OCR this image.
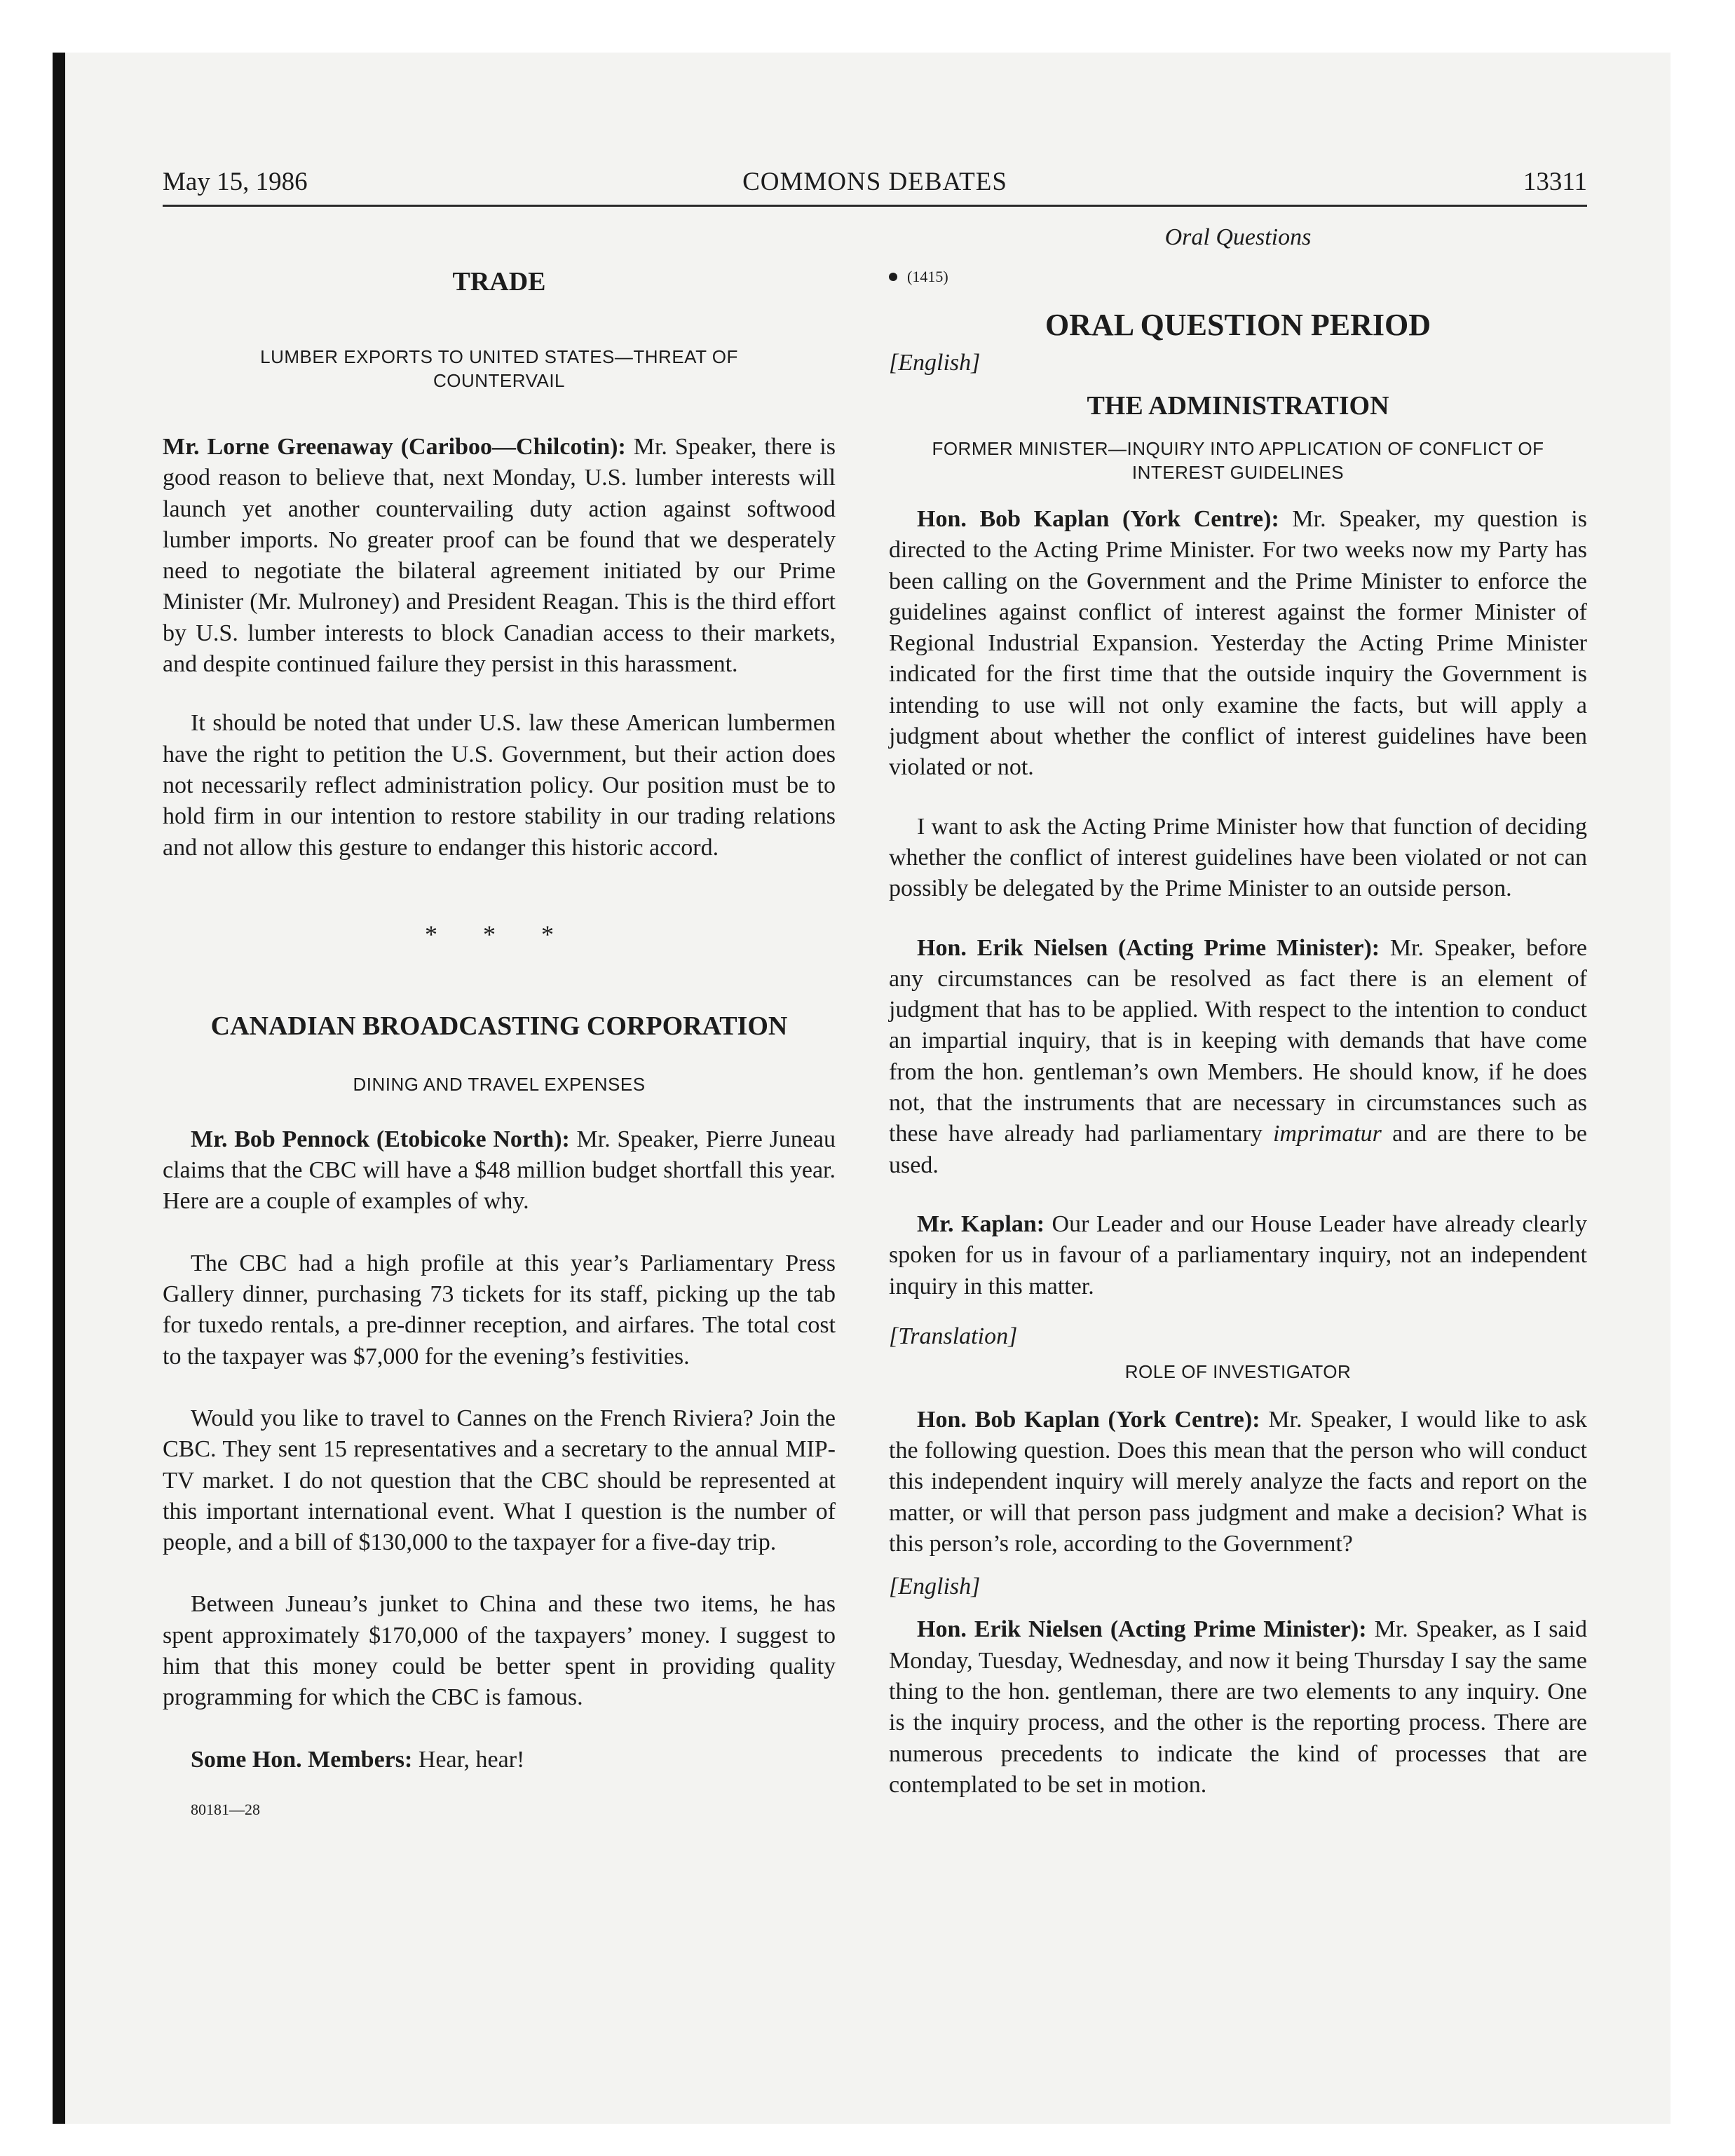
May 15, 1986	COMMONS DEBATES	13311
TRADE
LUMBER EXPORTS TO UNITED STATES—THREAT OF COUNTERVAIL

Mr. Lorne Greenaway (Cariboo—Chilcotin): Mr. Speaker, there is good reason to believe that, next Monday, U.S. lumber interests will launch yet another countervailing duty action against softwood lumber imports. No greater proof can be found that we desperately need to negotiate the bilateral agreement initiated by our Prime Minister (Mr. Mulroney) and President Reagan. This is the third effort by U.S. lumber interests to block Canadian access to their markets, and despite continued failure they persist in this harassment.

It should be noted that under U.S. law these American lumbermen have the right to petition the U.S. Government, but their action does not necessarily reflect administration policy. Our position must be to hold firm in our intention to restore stability in our trading relations and not allow this gesture to endanger this historic accord.

* * *
CANADIAN BROADCASTING CORPORATION
DINING AND TRAVEL EXPENSES

Mr. Bob Pennock (Etobicoke North): Mr. Speaker, Pierre Juneau claims that the CBC will have a $48 million budget shortfall this year. Here are a couple of examples of why.

The CBC had a high profile at this year’s Parliamentary Press Gallery dinner, purchasing 73 tickets for its staff, picking up the tab for tuxedo rentals, a pre-dinner reception, and airfares. The total cost to the taxpayer was $7,000 for the evening’s festivities.

Would you like to travel to Cannes on the French Riviera? Join the CBC. They sent 15 representatives and a secretary to the annual MIP-TV market. I do not question that the CBC should be represented at this important international event. What I question is the number of people, and a bill of $130,000 to the taxpayer for a five-day trip.

Between Juneau’s junket to China and these two items, he has spent approximately $170,000 of the taxpayers’ money. I suggest to him that this money could be better spent in providing quality programming for which the CBC is famous.

Some Hon. Members: Hear, hear!

80181—28
Oral Questions
(1415)
ORAL QUESTION PERIOD
[English]
THE ADMINISTRATION
FORMER MINISTER—INQUIRY INTO APPLICATION OF CONFLICT OF INTEREST GUIDELINES

Hon. Bob Kaplan (York Centre): Mr. Speaker, my question is directed to the Acting Prime Minister. For two weeks now my Party has been calling on the Government and the Prime Minister to enforce the guidelines against conflict of interest against the former Minister of Regional Industrial Expansion. Yesterday the Acting Prime Minister indicated for the first time that the outside inquiry the Government is intending to use will not only examine the facts, but will apply a judgment about whether the conflict of interest guidelines have been violated or not.

I want to ask the Acting Prime Minister how that function of deciding whether the conflict of interest guidelines have been violated or not can possibly be delegated by the Prime Minister to an outside person.

Hon. Erik Nielsen (Acting Prime Minister): Mr. Speaker, before any circumstances can be resolved as fact there is an element of judgment that has to be applied. With respect to the intention to conduct an impartial inquiry, that is in keeping with demands that have come from the hon. gentleman’s own Members. He should know, if he does not, that the instruments that are necessary in circumstances such as these have already had parliamentary imprimatur and are there to be used.

Mr. Kaplan: Our Leader and our House Leader have already clearly spoken for us in favour of a parliamentary inquiry, not an independent inquiry in this matter.

[Translation]
ROLE OF INVESTIGATOR

Hon. Bob Kaplan (York Centre): Mr. Speaker, I would like to ask the following question. Does this mean that the person who will conduct this independent inquiry will merely analyze the facts and report on the matter, or will that person pass judgment and make a decision? What is this person’s role, according to the Government?

[English]

Hon. Erik Nielsen (Acting Prime Minister): Mr. Speaker, as I said Monday, Tuesday, Wednesday, and now it being Thursday I say the same thing to the hon. gentleman, there are two elements to any inquiry. One is the inquiry process, and the other is the reporting process. There are numerous precedents to indicate the kind of processes that are contemplated to be set in motion.
